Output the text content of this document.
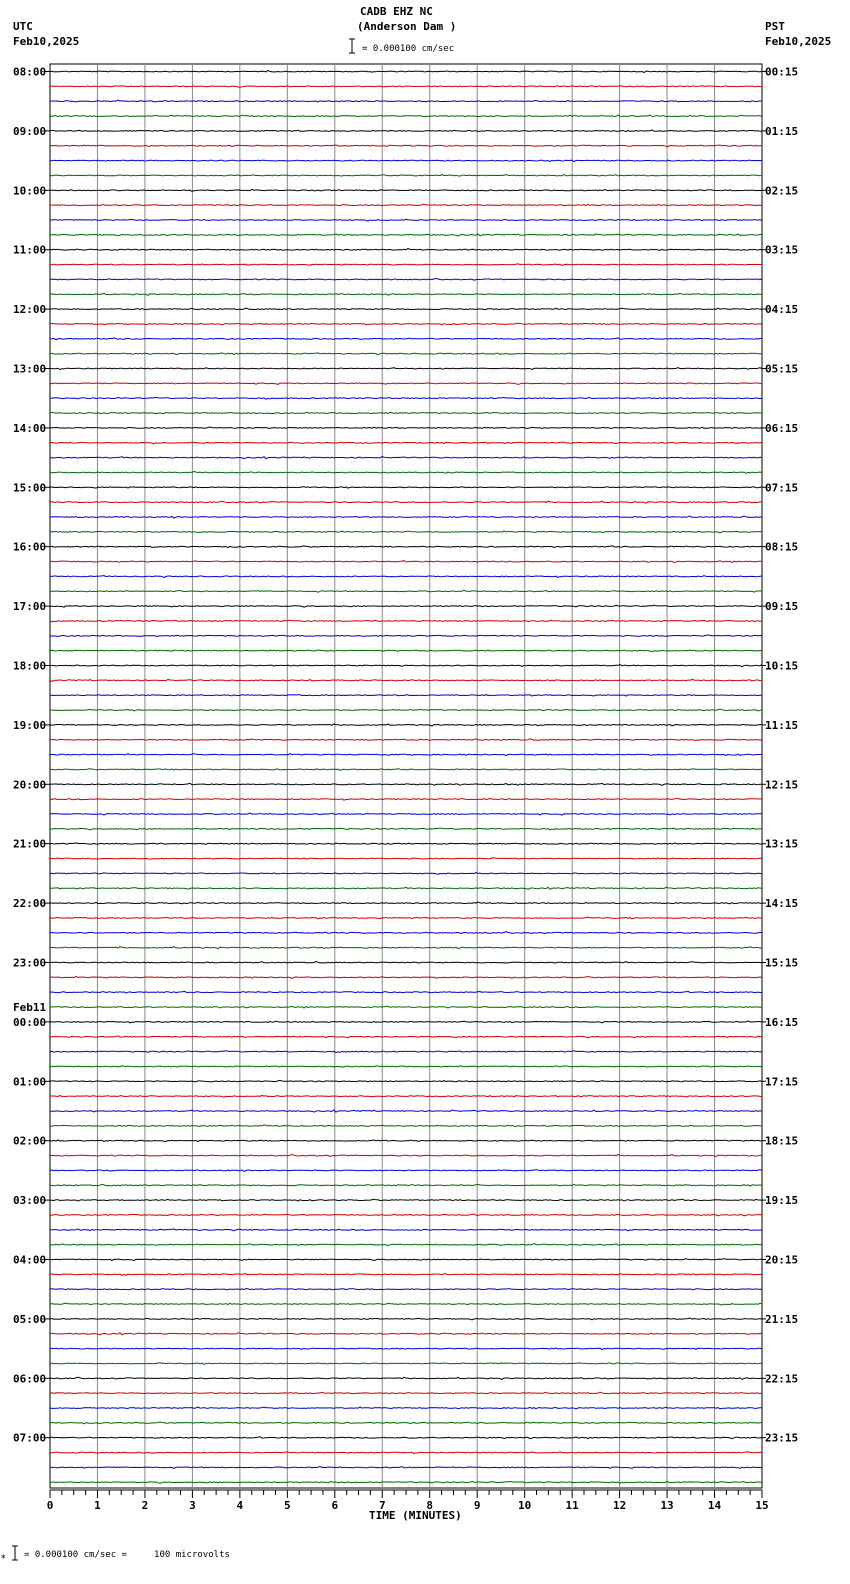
UTC
Feb10,2025
CADB EHZ NC
(Anderson Dam )	PST
Feb10,2025
= 0.000100 cm/sec
08:00
09:00
10:00
11:00
12:00
13:00
14:00
15:00
16:00
17:00
18:00
19:00
20:00
21:00
22:00
23:00
00:00
01:00
02:00
03:00
04:00
05:00
06:00
07:00
Feb11
00:15
01:15
02:15
03:15
04:15
05:15
06:15
07:15
08:15
09:15
10:15
11:15
12:15
13:15
14:15
15:15
16:15
17:15
18:15
19:15
20:15
21:15
22:15
23:15
0	1	2	3	4	5	6	7	8	9	10	11	12	13	14	15
TIME (MINUTES)
⁎ = 0.000100 cm/sec =     100 microvolts
